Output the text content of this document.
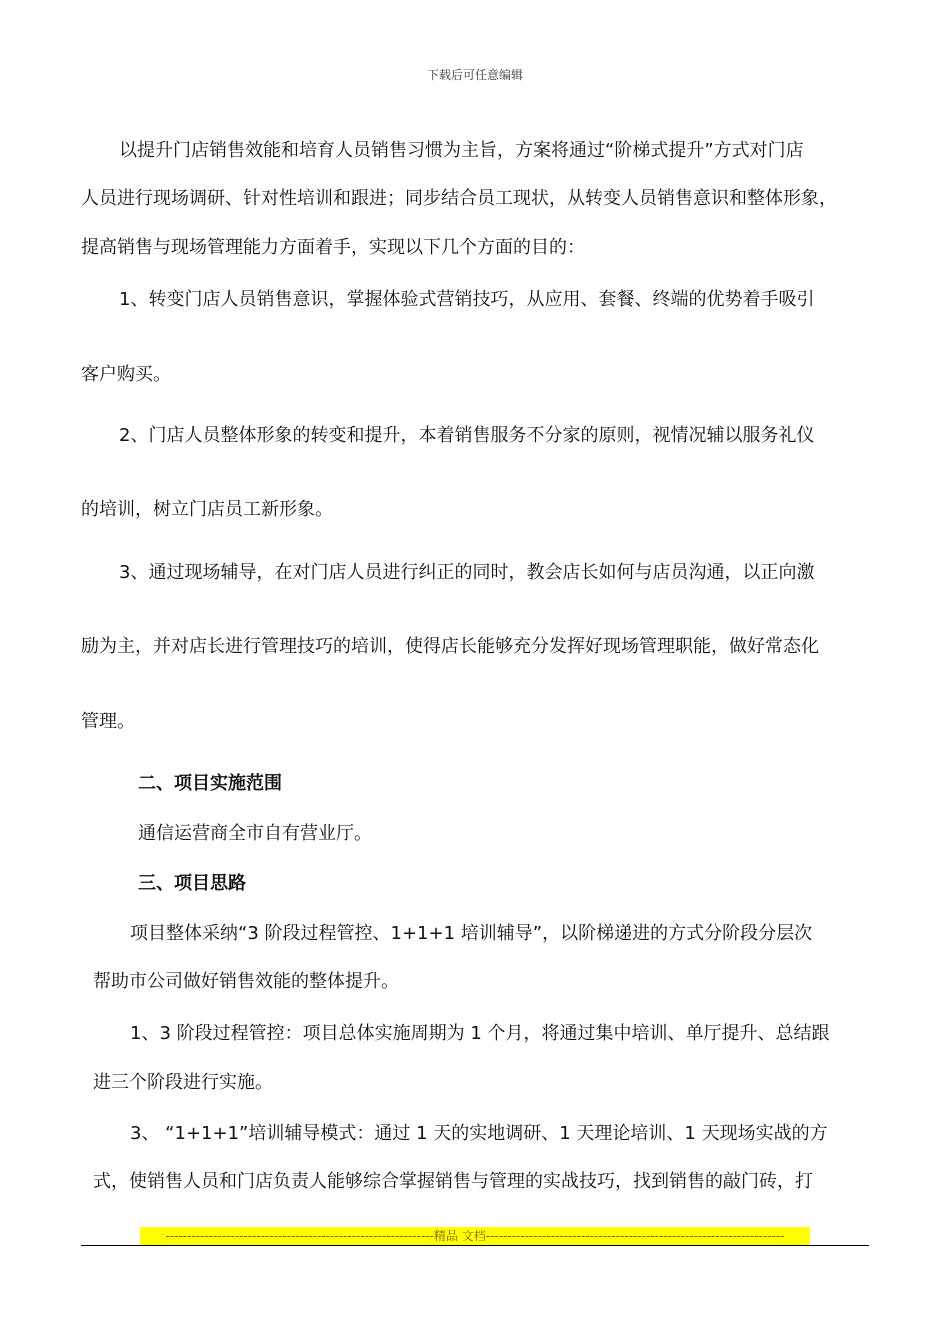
下载后可任意编辑
以提升门店销售效能和培育人员销售习惯为主旨，方案将通过“阶梯式提升”方式对门店
人员进行现场调研、针对性培训和跟进；同步结合员工现状，从转变人员销售意识和整体形象，
提高销售与现场管理能力方面着手，实现以下几个方面的目的：
1、转变门店人员销售意识，掌握体验式营销技巧，从应用、套餐、终端的优势着手吸引
客户购买。
2、门店人员整体形象的转变和提升，本着销售服务不分家的原则，视情况辅以服务礼仪
的培训，树立门店员工新形象。
3、通过现场辅导，在对门店人员进行纠正的同时，教会店长如何与店员沟通，以正向激
励为主，并对店长进行管理技巧的培训，使得店长能够充分发挥好现场管理职能，做好常态化
管理。
二、项目实施范围
通信运营商全市自有营业厅。
三、项目思路
项目整体采纳“3 阶段过程管控、1+1+1 培训辅导”，以阶梯递进的方式分阶段分层次
帮助市公司做好销售效能的整体提升。
1、3 阶段过程管控：项目总体实施周期为 1 个月，将通过集中培训、单厅提升、总结跟
进三个阶段进行实施。
3、 “1+1+1”培训辅导模式：通过 1 天的实地调研、1 天理论培训、1 天现场实战的方
式，使销售人员和门店负责人能够综合掌握销售与管理的实战技巧，找到销售的敲门砖，打
--------------------------------------------------------------精品 文档---------------------------------------------------------------------
